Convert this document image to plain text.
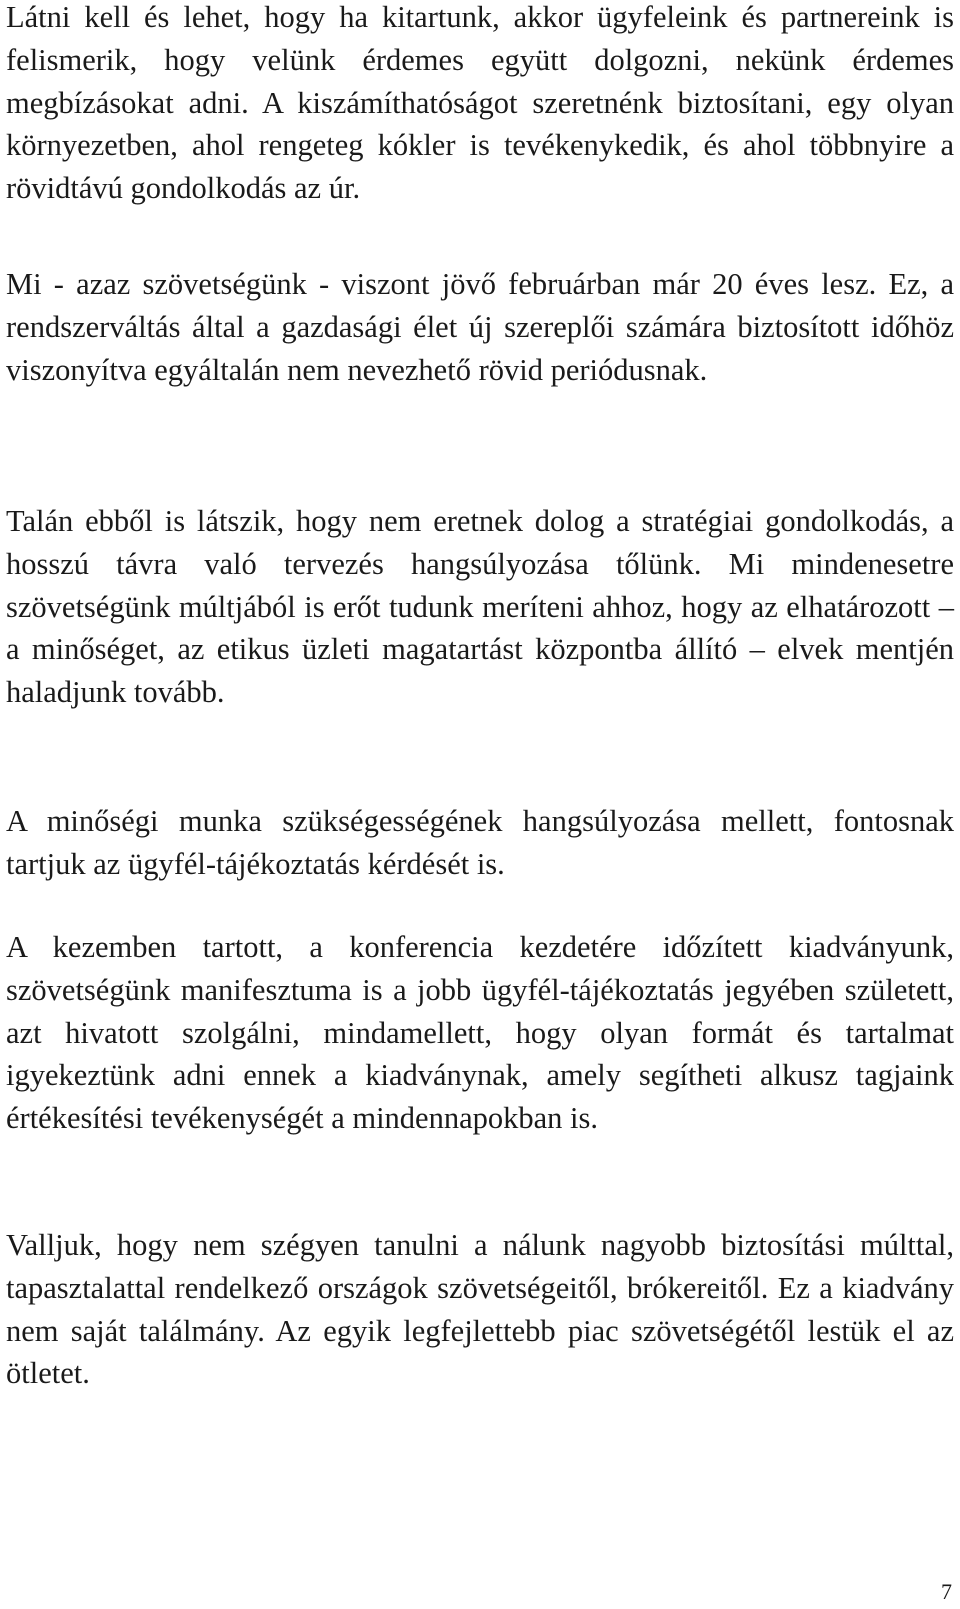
Látni kell és lehet, hogy ha kitartunk, akkor ügyfeleink és partnereink is felismerik, hogy velünk érdemes együtt dolgozni, nekünk érdemes megbízásokat adni. A kiszámíthatóságot szeretnénk biztosítani, egy olyan környezetben, ahol rengeteg kókler is tevékenykedik, és ahol többnyire a rövidtávú gondolkodás az úr.

Mi - azaz szövetségünk - viszont jövő februárban már 20 éves lesz. Ez, a rendszerváltás által a gazdasági élet új szereplői számára biztosított időhöz viszonyítva egyáltalán nem nevezhető rövid periódusnak.

Talán ebből is látszik, hogy nem eretnek dolog a stratégiai gondolkodás, a hosszú távra való tervezés hangsúlyozása tőlünk. Mi mindenesetre szövetségünk múltjából is erőt tudunk meríteni ahhoz, hogy az elhatározott – a minőséget, az etikus üzleti magatartást központba állító – elvek mentjén haladjunk tovább.

A minőségi munka szükségességének hangsúlyozása mellett, fontosnak tartjuk az ügyfél-tájékoztatás kérdését is.

A kezemben tartott, a konferencia kezdetére időzített kiadványunk, szövetségünk manifesztuma is a jobb ügyfél-tájékoztatás jegyében született, azt hivatott szolgálni, mindamellett, hogy olyan formát és tartalmat igyekeztünk adni ennek a kiadványnak, amely segítheti alkusz tagjaink értékesítési tevékenységét a mindennapokban is.

Valljuk, hogy nem szégyen tanulni a nálunk nagyobb biztosítási múlttal, tapasztalattal rendelkező országok szövetségeitől, brókereitől. Ez a kiadvány nem saját találmány. Az egyik legfejlettebb piac szövetségétől lestük el az ötletet.

7
